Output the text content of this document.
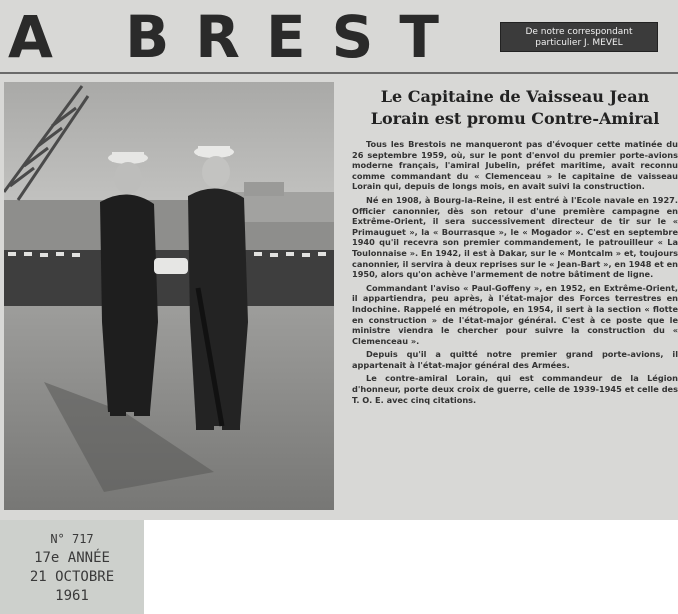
A BREST	De notre correspondant
particulier J. MEVEL
Le Capitaine de Vaisseau Jean Lorain est promu Contre-Amiral

Tous les Brestois ne manqueront pas d'évoquer cette matinée du 26 septembre 1959, où, sur le pont d'envol du premier porte-avions moderne français, l'amiral Jubelin, préfet maritime, avait reconnu comme commandant du « Clemenceau » le capitaine de vaisseau Lorain qui, depuis de longs mois, en avait suivi la construction.

Né en 1908, à Bourg-la-Reine, il est entré à l'Ecole navale en 1927. Officier canonnier, dès son retour d'une première campagne en Extrême-Orient, il sera successivement directeur de tir sur le « Primauguet », la « Bourrasque », le « Mogador ». C'est en septembre 1940 qu'il recevra son premier commandement, le patrouilleur « La Toulonnaise ». En 1942, il est à Dakar, sur le « Montcalm » et, toujours canonnier, il servira à deux reprises sur le « Jean-Bart », en 1948 et en 1950, alors qu'on achève l'armement de notre bâtiment de ligne.

Commandant l'aviso « Paul-Goffeny », en 1952, en Extrême-Orient, il appartiendra, peu après, à l'état-major des Forces terrestres en Indochine. Rappelé en métropole, en 1954, il sert à la section « flotte en construction » de l'état-major général. C'est à ce poste que le ministre viendra le chercher pour suivre la construction du « Clemenceau ».

Depuis qu'il a quitté notre premier grand porte-avions, il appartenait à l'état-major général des Armées.

Le contre-amiral Lorain, qui est commandeur de la Légion d'honneur, porte deux croix de guerre, celle de 1939-1945 et celle des T. O. E. avec cinq citations.

N° 717
17e ANNÉE
21 OCTOBRE
1961
